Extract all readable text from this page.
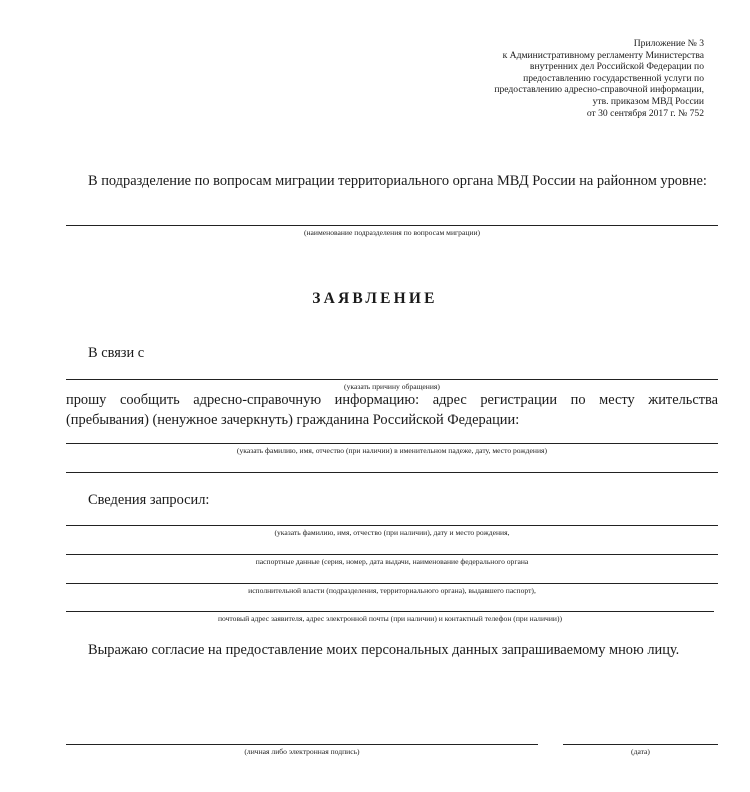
Приложение № 3
к Административному регламенту Министерства
внутренних дел Российской Федерации по
предоставлению государственной услуги по
предоставлению адресно-справочной информации,
утв. приказом МВД России
от 30 сентября 2017 г. № 752
В подразделение по вопросам миграции территориального органа МВД России на районном уровне:
(наименование подразделения по вопросам миграции)
ЗАЯВЛЕНИЕ
В связи с
(указать причину обращения)
прошу сообщить адресно-справочную информацию: адрес регистрации по месту жительства (пребывания) (ненужное зачеркнуть) гражданина Российской Федерации:
(указать фамилию, имя, отчество (при наличии) в именительном падеже, дату, место рождения)
Сведения запросил:
(указать фамилию, имя, отчество (при наличии), дату и место рождения,
паспортные данные (серия, номер, дата выдачи, наименование федерального органа
исполнительной власти (подразделения, территориального органа), выдавшего паспорт),
почтовый адрес заявителя, адрес электронной почты (при наличии) и контактный телефон (при наличии))
Выражаю согласие на предоставление моих персональных данных запрашиваемому мною лицу.
(личная либо электронная подпись)	(дата)
